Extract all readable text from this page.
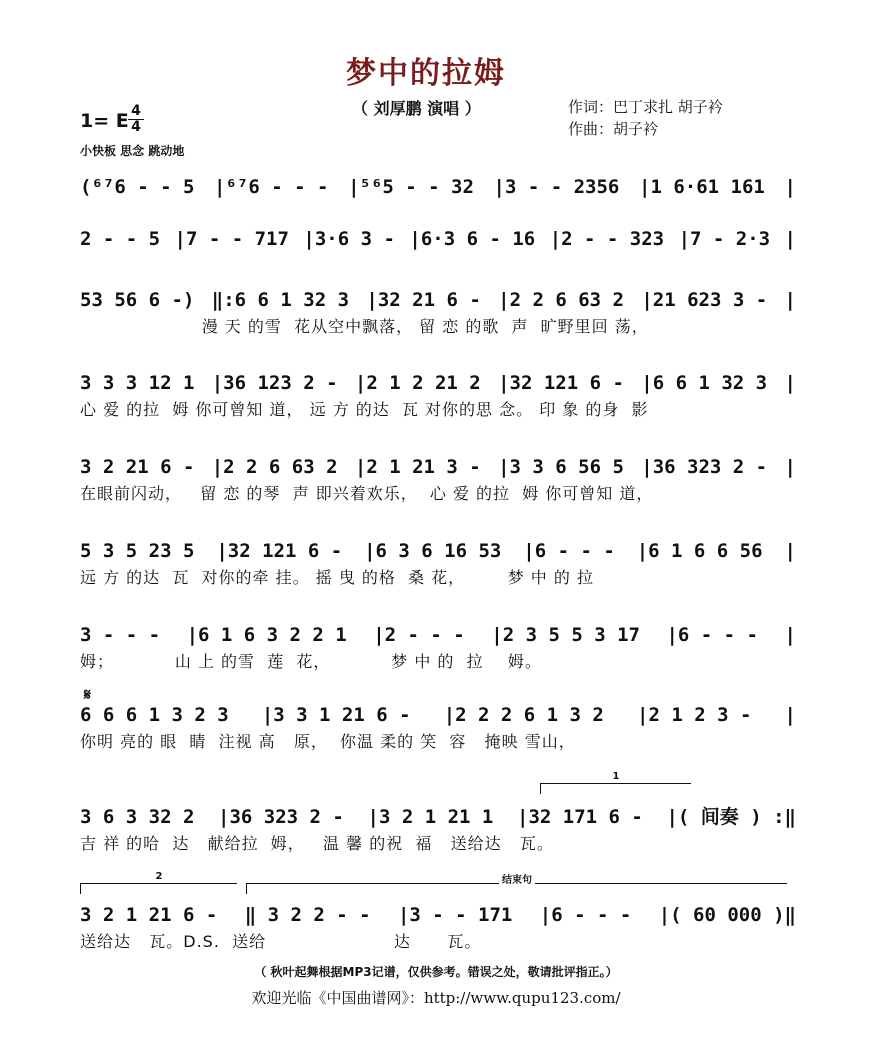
梦中的拉姆
（ 刘厚鹏 演唱 ）	作词：巴丁求扎 胡子衿
作曲：胡子衿
1= E 4
4
小快板 思念 跳动地
𝄋
1
2	结束句
(⁶⁷6 - - 5 |⁶⁷6 - - - |⁵⁶5 - - 32 |3 - - 2356 |1 6·61 161 |
2 - - 5 |7 - - 717 |3·6 3 - |6·3 6 - 16 |2 - - 323 |7 - 2·3 |
53 56 6 -) ‖:6 6 1 32 3 |32 21 6 - |2 2 6 63 2 |21 623 3 - |
漫 天 的雪  花从空中飘落， 留 恋 的歌  声  旷野里回 荡，
3 3 3 12 1 |36 123 2 - |2 1 2 21 2 |32 121 6 - |6 6 1 32 3 |
心 爱 的拉  姆 你可曾知 道， 远 方 的达  瓦 对你的思 念。 印 象 的身  影
3 2 21 6 - |2 2 6 63 2 |2 1 21 3 - |3 3 6 56 5 |36 323 2 - |
在眼前闪动，   留 恋 的琴  声 即兴着欢乐，  心 爱 的拉  姆 你可曾知 道，
5 3 5 23 5 |32 121 6 - |6 3 6 16 53 |6 - - - |6 1 6 6 56 |
远 方 的达  瓦  对你的牵 挂。 摇 曳 的格  桑 花，       梦 中 的 拉
3 - - - |6 1 6 3 2 2 1 |2 - - - |2 3 5 5 3 17 |6 - - - |
姆；          山 上 的雪  莲  花，          梦 中 的  拉    姆。
6 6 6 1 3 2 3 |3 3 1 21 6 - |2 2 2 6 1 3 2 |2 1 2 3 - |
你明 亮的 眼  睛  注视 高   原，  你温 柔的 笑  容   掩映 雪山，
3 6 3 32 2 |36 323 2 - |3 2 1 21 1 |32 171 6 - |( 间奏 ) :‖
吉 祥 的哈  达   献给拉  姆，   温 馨 的祝  福   送给达   瓦。
3 2 1 21 6 - ‖ 3 2 2 - - |3 - - 171 |6 - - - |( 60 000 )‖
送给达   瓦。D.S.  送给                     达      瓦。
（ 秋叶起舞根据MP3记谱，仅供参考。错误之处，敬请批评指正。）
欢迎光临《中国曲谱网》：http://www.qupu123.com/
